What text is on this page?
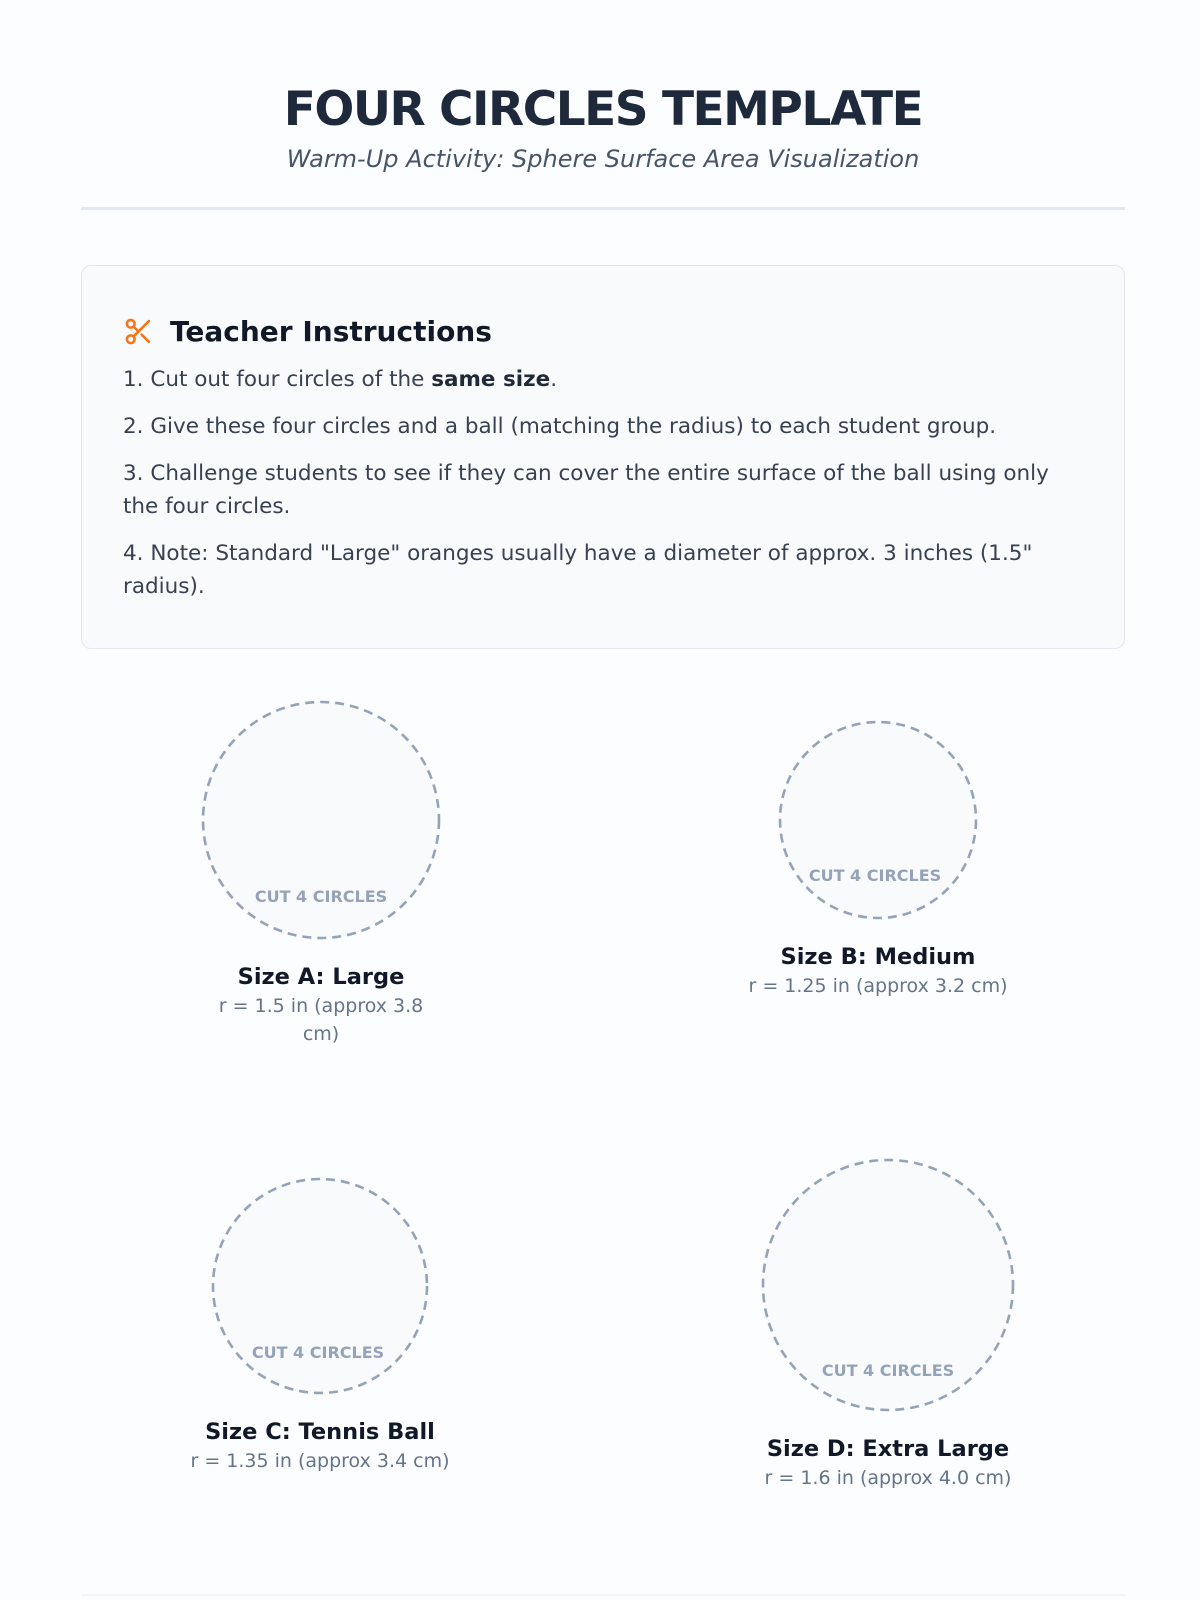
FOUR CIRCLES TEMPLATE
Warm-Up Activity: Sphere Surface Area Visualization
Teacher Instructions
1. Cut out four circles of the same size.
2. Give these four circles and a ball (matching the radius) to each student group.
3. Challenge students to see if they can cover the entire surface of the ball using only the four circles.
4. Note: Standard "Large" oranges usually have a diameter of approx. 3 inches (1.5" radius).
CUT 4 CIRCLES
Size A: Large
r = 1.5 in (approx 3.8 cm)
CUT 4 CIRCLES
Size B: Medium
r = 1.25 in (approx 3.2 cm)
CUT 4 CIRCLES
Size C: Tennis Ball
r = 1.35 in (approx 3.4 cm)
CUT 4 CIRCLES
Size D: Extra Large
r = 1.6 in (approx 4.0 cm)
